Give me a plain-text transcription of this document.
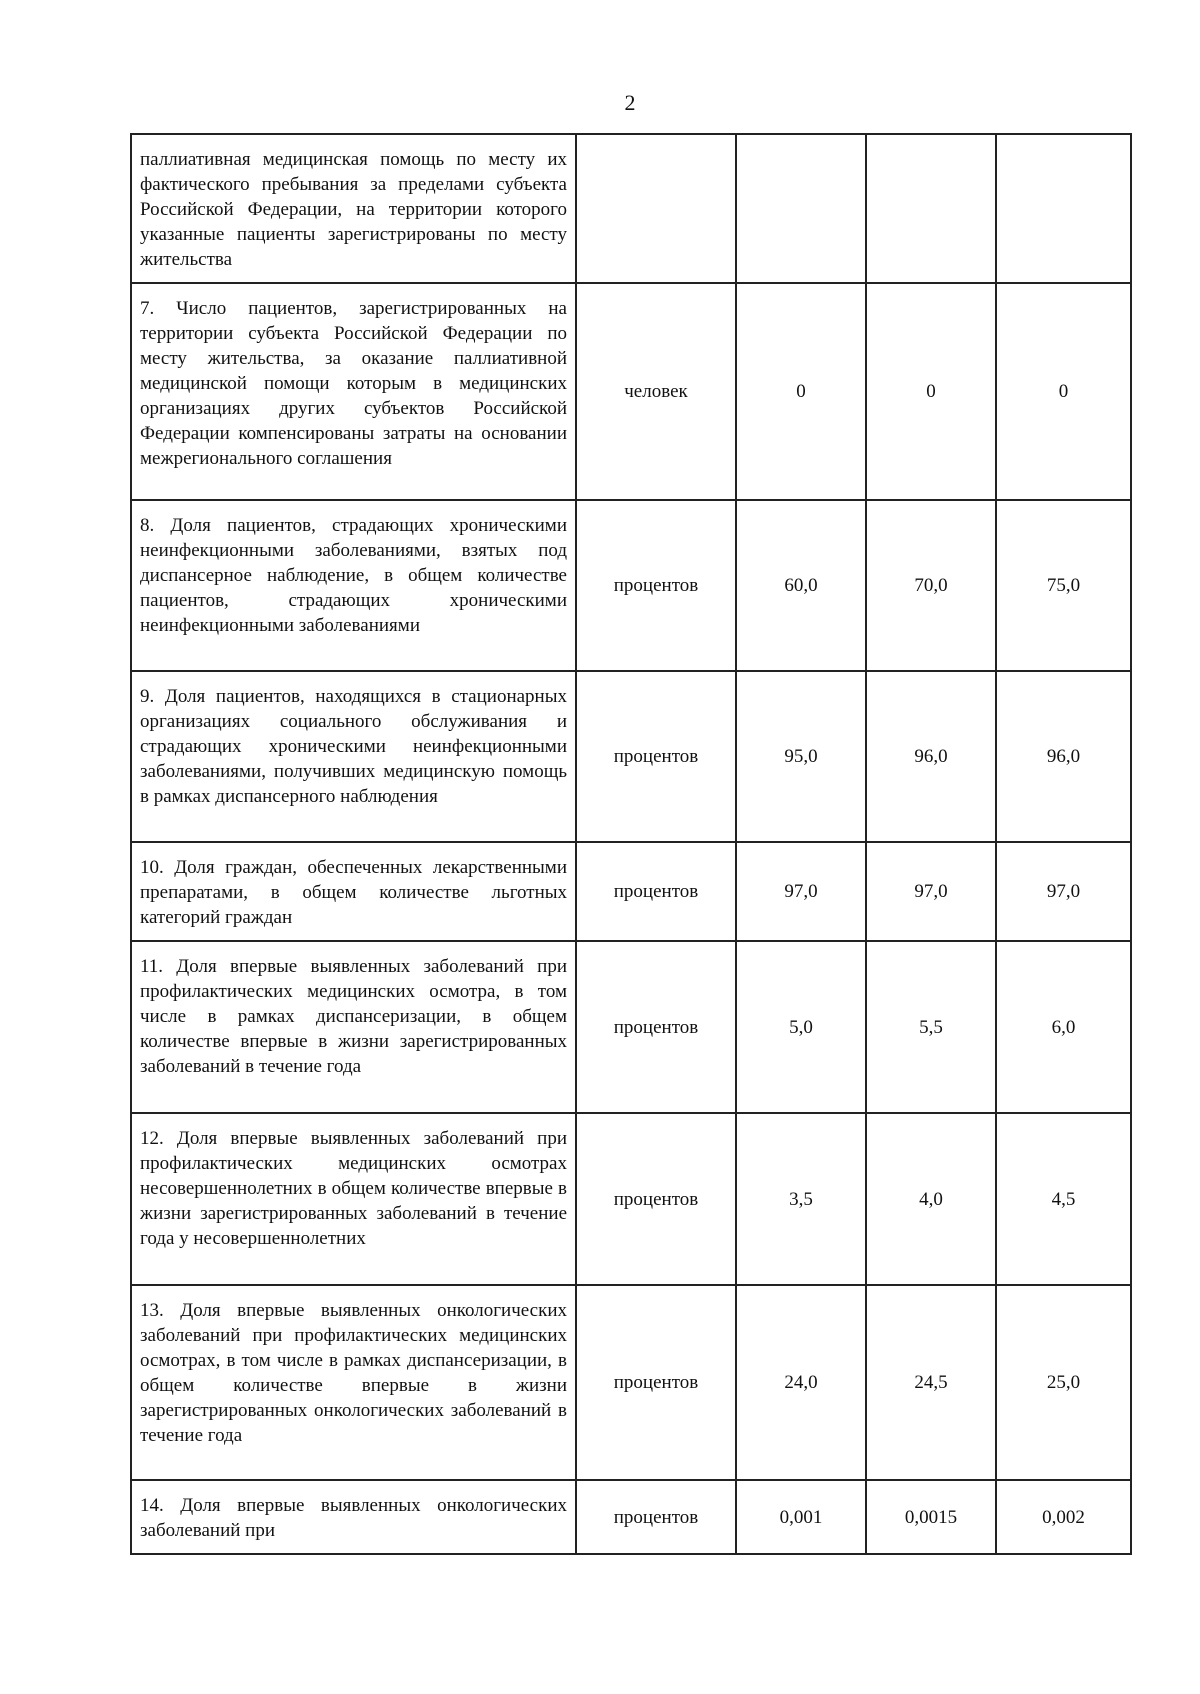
2
паллиативная медицинская помощь по месту их фактического пребывания за пределами субъекта Российской Федерации, на территории которого указанные пациенты зарегистрированы по месту жительства				
7. Число пациентов, зарегистрированных на территории субъекта Российской Федерации по месту жительства, за оказание паллиативной медицинской помощи которым в медицинских организациях других субъектов Российской Федерации компенсированы затраты на основании межрегионального соглашения	человек	0	0	0
8. Доля пациентов, страдающих хроническими неинфекционными заболеваниями, взятых под диспансерное наблюдение, в общем количестве пациентов, страдающих хроническими неинфекционными заболеваниями	процентов	60,0	70,0	75,0
9. Доля пациентов, находящихся в стационарных организациях социального обслуживания и страдающих хроническими неинфекционными заболеваниями, получивших медицинскую помощь в рамках диспансерного наблюдения	процентов	95,0	96,0	96,0
10. Доля граждан, обеспеченных лекарственными препаратами, в общем количестве льготных категорий граждан	процентов	97,0	97,0	97,0
11. Доля впервые выявленных заболеваний при профилактических медицинских осмотра, в том числе в рамках диспансеризации, в общем количестве впервые в жизни зарегистрированных заболеваний в течение года	процентов	5,0	5,5	6,0
12. Доля впервые выявленных заболеваний при профилактических медицинских осмотрах несовершеннолетних в общем количестве впервые в жизни зарегистрированных заболеваний в течение года у несовершеннолетних	процентов	3,5	4,0	4,5
13. Доля впервые выявленных онкологических заболеваний при профилактических медицинских осмотрах, в том числе в рамках диспансеризации, в общем количестве впервые в жизни зарегистрированных онкологических заболеваний в течение года	процентов	24,0	24,5	25,0
14. Доля впервые выявленных онкологических заболеваний при	процентов	0,001	0,0015	0,002
